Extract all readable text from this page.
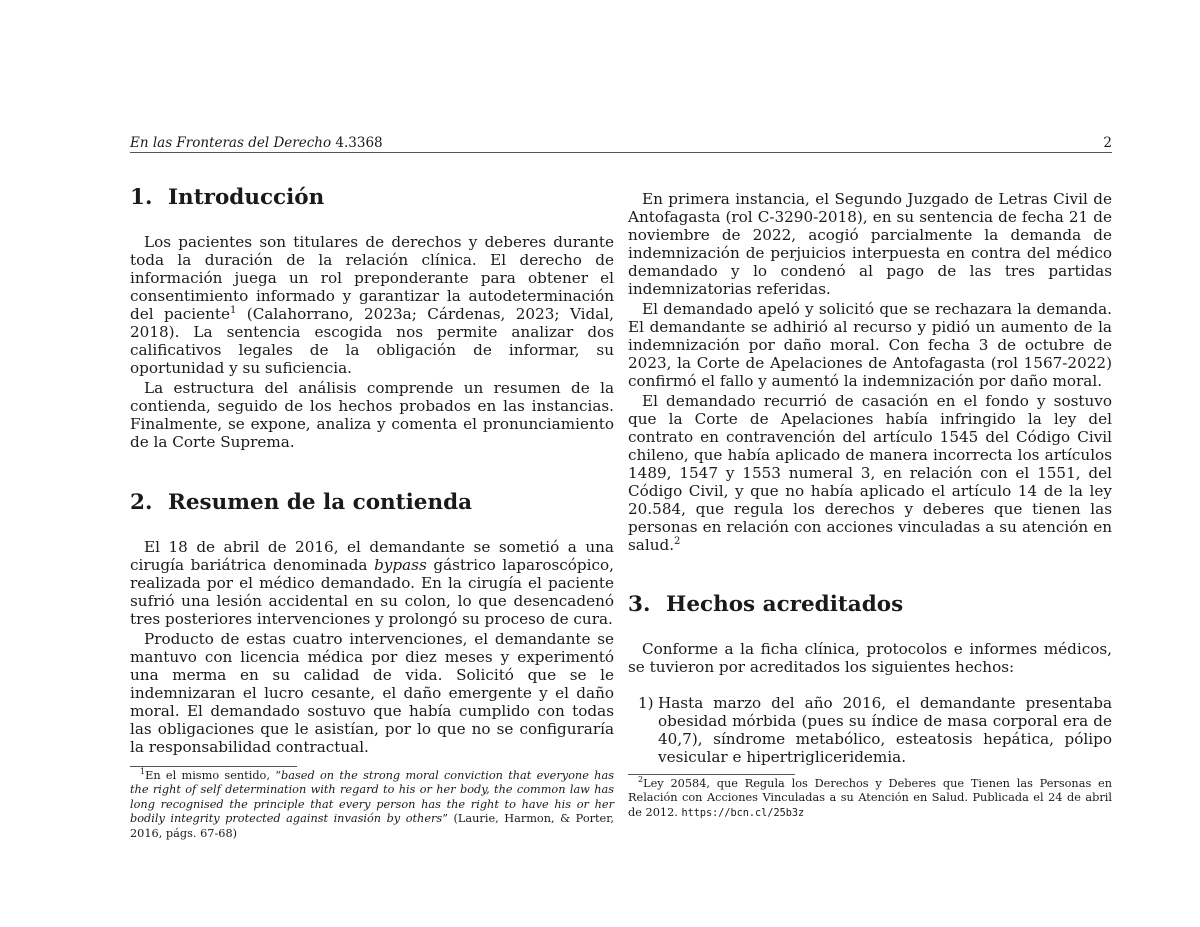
En las Fronteras del Derecho 4.3368	2
1. Introducción

Los pacientes son titulares de derechos y deberes durante toda la duración de la relación clínica. El derecho de información juega un rol preponderante para obtener el consentimiento informado y garantizar la autodeterminación del paciente$^1$ (Calahorrano, 2023a; Cárdenas, 2023; Vidal, 2018). La sentencia escogida nos permite analizar dos calificativos legales de la obligación de informar, su oportunidad y su suficiencia.

La estructura del análisis comprende un resumen de la contienda, seguido de los hechos probados en las instancias. Finalmente, se expone, analiza y comenta el pronunciamiento de la Corte Suprema.

2. Resumen de la contienda

El 18 de abril de 2016, el demandante se sometió a una cirugía bariátrica denominada bypass gástrico laparoscópico, realizada por el médico demandado. En la cirugía el paciente sufrió una lesión accidental en su colon, lo que desencadenó tres posteriores intervenciones y prolongó su proceso de cura.

Producto de estas cuatro intervenciones, el demandante se mantuvo con licencia médica por diez meses y experimentó una merma en su calidad de vida. Solicitó que se le indemnizaran el lucro cesante, el daño emergente y el daño moral. El demandado sostuvo que había cumplido con todas las obligaciones que le asistían, por lo que no se configuraría la responsabilidad contractual.

$^1$En el mismo sentido, “based on the strong moral conviction that everyone has the right of self determination with regard to his or her body, the common law has long recognised the principle that every person has the right to have his or her bodily integrity protected against invasión by others” (Laurie, Harmon, & Porter, 2016, págs. 67-68)

En primera instancia, el Segundo Juzgado de Letras Civil de Antofagasta (rol C-3290-2018), en su sentencia de fecha 21 de noviembre de 2022, acogió parcialmente la demanda de indemnización de perjuicios interpuesta en contra del médico demandado y lo condenó al pago de las tres partidas indemnizatorias referidas.

El demandado apeló y solicitó que se rechazara la demanda. El demandante se adhirió al recurso y pidió un aumento de la indemnización por daño moral. Con fecha 3 de octubre de 2023, la Corte de Apelaciones de Antofagasta (rol 1567-2022) confirmó el fallo y aumentó la indemnización por daño moral.

El demandado recurrió de casación en el fondo y sostuvo que la Corte de Apelaciones había infringido la ley del contrato en contravención del artículo 1545 del Código Civil chileno, que había aplicado de manera incorrecta los artículos 1489, 1547 y 1553 numeral 3, en relación con el 1551, del Código Civil, y que no había aplicado el artículo 14 de la ley 20.584, que regula los derechos y deberes que tienen las personas en relación con acciones vinculadas a su atención en salud.$^2$

3. Hechos acreditados

Conforme a la ficha clínica, protocolos e informes médicos, se tuvieron por acreditados los siguientes hechos:

1) Hasta marzo del año 2016, el demandante presentaba obesidad mórbida (pues su índice de masa corporal era de 40,7), síndrome metabólico, esteatosis hepática, pólipo vesicular e hipertrigliceridemia.

$^2$Ley 20584, que Regula los Derechos y Deberes que Tienen las Personas en Relación con Acciones Vinculadas a su Atención en Salud. Publicada el 24 de abril de 2012. https://bcn.cl/25b3z
